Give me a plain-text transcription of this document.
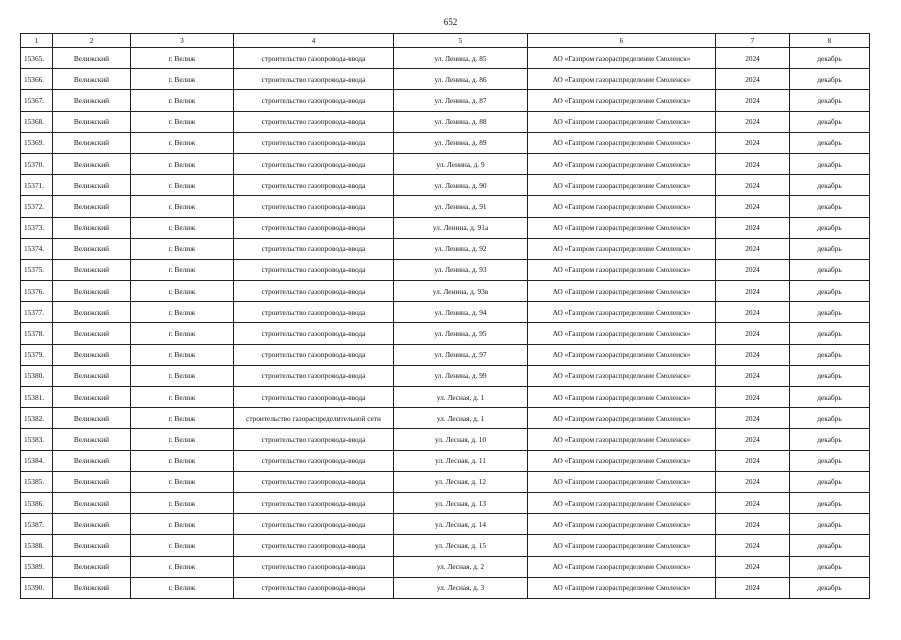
652
1	2	3	4	5	6	7	8
15365.	Велижский	г. Велиж	строительство газопровода-ввода	ул. Ленина, д. 85	АО «Газпром газораспределение Смоленск»	2024	декабрь
15366.	Велижский	г. Велиж	строительство газопровода-ввода	ул. Ленина, д. 86	АО «Газпром газораспределение Смоленск»	2024	декабрь
15367.	Велижский	г. Велиж	строительство газопровода-ввода	ул. Ленина, д. 87	АО «Газпром газораспределение Смоленск»	2024	декабрь
15368.	Велижский	г. Велиж	строительство газопровода-ввода	ул. Ленина, д. 88	АО «Газпром газораспределение Смоленск»	2024	декабрь
15369.	Велижский	г. Велиж	строительство газопровода-ввода	ул. Ленина, д. 89	АО «Газпром газораспределение Смоленск»	2024	декабрь
15370.	Велижский	г. Велиж	строительство газопровода-ввода	ул. Ленина, д. 9	АО «Газпром газораспределение Смоленск»	2024	декабрь
15371.	Велижский	г. Велиж	строительство газопровода-ввода	ул. Ленина, д. 90	АО «Газпром газораспределение Смоленск»	2024	декабрь
15372.	Велижский	г. Велиж	строительство газопровода-ввода	ул. Ленина, д. 91	АО «Газпром газораспределение Смоленск»	2024	декабрь
15373.	Велижский	г. Велиж	строительство газопровода-ввода	ул. Ленина, д. 91а	АО «Газпром газораспределение Смоленск»	2024	декабрь
15374.	Велижский	г. Велиж	строительство газопровода-ввода	ул. Ленина, д. 92	АО «Газпром газораспределение Смоленск»	2024	декабрь
15375.	Велижский	г. Велиж	строительство газопровода-ввода	ул. Ленина, д. 93	АО «Газпром газораспределение Смоленск»	2024	декабрь
15376.	Велижский	г. Велиж	строительство газопровода-ввода	ул. Ленина, д. 93в	АО «Газпром газораспределение Смоленск»	2024	декабрь
15377.	Велижский	г. Велиж	строительство газопровода-ввода	ул. Ленина, д. 94	АО «Газпром газораспределение Смоленск»	2024	декабрь
15378.	Велижский	г. Велиж	строительство газопровода-ввода	ул. Ленина, д. 95	АО «Газпром газораспределение Смоленск»	2024	декабрь
15379.	Велижский	г. Велиж	строительство газопровода-ввода	ул. Ленина, д. 97	АО «Газпром газораспределение Смоленск»	2024	декабрь
15380.	Велижский	г. Велиж	строительство газопровода-ввода	ул. Ленина, д. 99	АО «Газпром газораспределение Смоленск»	2024	декабрь
15381.	Велижский	г. Велиж	строительство газопровода-ввода	ул. Лесная, д. 1	АО «Газпром газораспределение Смоленск»	2024	декабрь
15382.	Велижский	г. Велиж	строительство газораспределительной сети	ул. Лесная, д. 1	АО «Газпром газораспределение Смоленск»	2024	декабрь
15383.	Велижский	г. Велиж	строительство газопровода-ввода	ул. Лесная, д. 10	АО «Газпром газораспределение Смоленск»	2024	декабрь
15384.	Велижский	г. Велиж	строительство газопровода-ввода	ул. Лесная, д. 11	АО «Газпром газораспределение Смоленск»	2024	декабрь
15385.	Велижский	г. Велиж	строительство газопровода-ввода	ул. Лесная, д. 12	АО «Газпром газораспределение Смоленск»	2024	декабрь
15386.	Велижский	г. Велиж	строительство газопровода-ввода	ул. Лесная, д. 13	АО «Газпром газораспределение Смоленск»	2024	декабрь
15387.	Велижский	г. Велиж	строительство газопровода-ввода	ул. Лесная, д. 14	АО «Газпром газораспределение Смоленск»	2024	декабрь
15388.	Велижский	г. Велиж	строительство газопровода-ввода	ул. Лесная, д. 15	АО «Газпром газораспределение Смоленск»	2024	декабрь
15389.	Велижский	г. Велиж	строительство газопровода-ввода	ул. Лесная, д. 2	АО «Газпром газораспределение Смоленск»	2024	декабрь
15390.	Велижский	г. Велиж	строительство газопровода-ввода	ул. Лесная, д. 3	АО «Газпром газораспределение Смоленск»	2024	декабрь
